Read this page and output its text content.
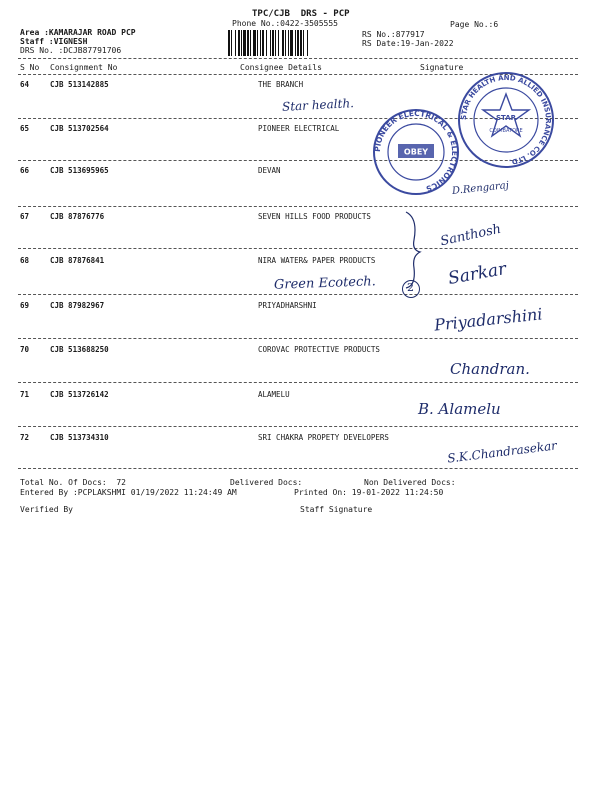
TPC/CJB  DRS - PCP
Phone No.:0422-3505555	Page No.:6
Area :KAMARAJAR ROAD PCP
Staff :VIGNESH
DRS No. :DCJB87791706
RS No.:877917
RS Date:19-Jan-2022
S No Consignment No	Consignee Details	Signature
64	CJB 513142885	THE BRANCH
65	CJB 513702564	PIONEER ELECTRICAL
66	CJB 513695965	DEVAN
67	CJB 87876776	SEVEN HILLS FOOD PRODUCTS
68	CJB 87876841	NIRA WATER& PAPER PRODUCTS
69	CJB 87982967	PRIYADHARSHNI
70	CJB 513688250	COROVAC PROTECTIVE PRODUCTS
71	CJB 513726142	ALAMELU
72	CJB 513734310	SRI CHAKRA PROPETY DEVELOPERS
Total No. Of Docs:  72	Delivered Docs:	Non Delivered Docs:
Entered By :PCPLAKSHMI 01/19/2022 11:24:49 AM	Printed On: 19-01-2022 11:24:50
Verified By	Staff Signature
Star health.
D.Rengaraj
Santhosh
Sarkar
Green Ecotech.
Priyadarshini
Chandran.
B. Alamelu
S.K.Chandrasekar
2
PIONEER ELECTRICAL & ELECTRONICS
OBEY
STAR HEALTH AND ALLIED INSURANCE CO. LTD.
STAR
COIMBATORE
